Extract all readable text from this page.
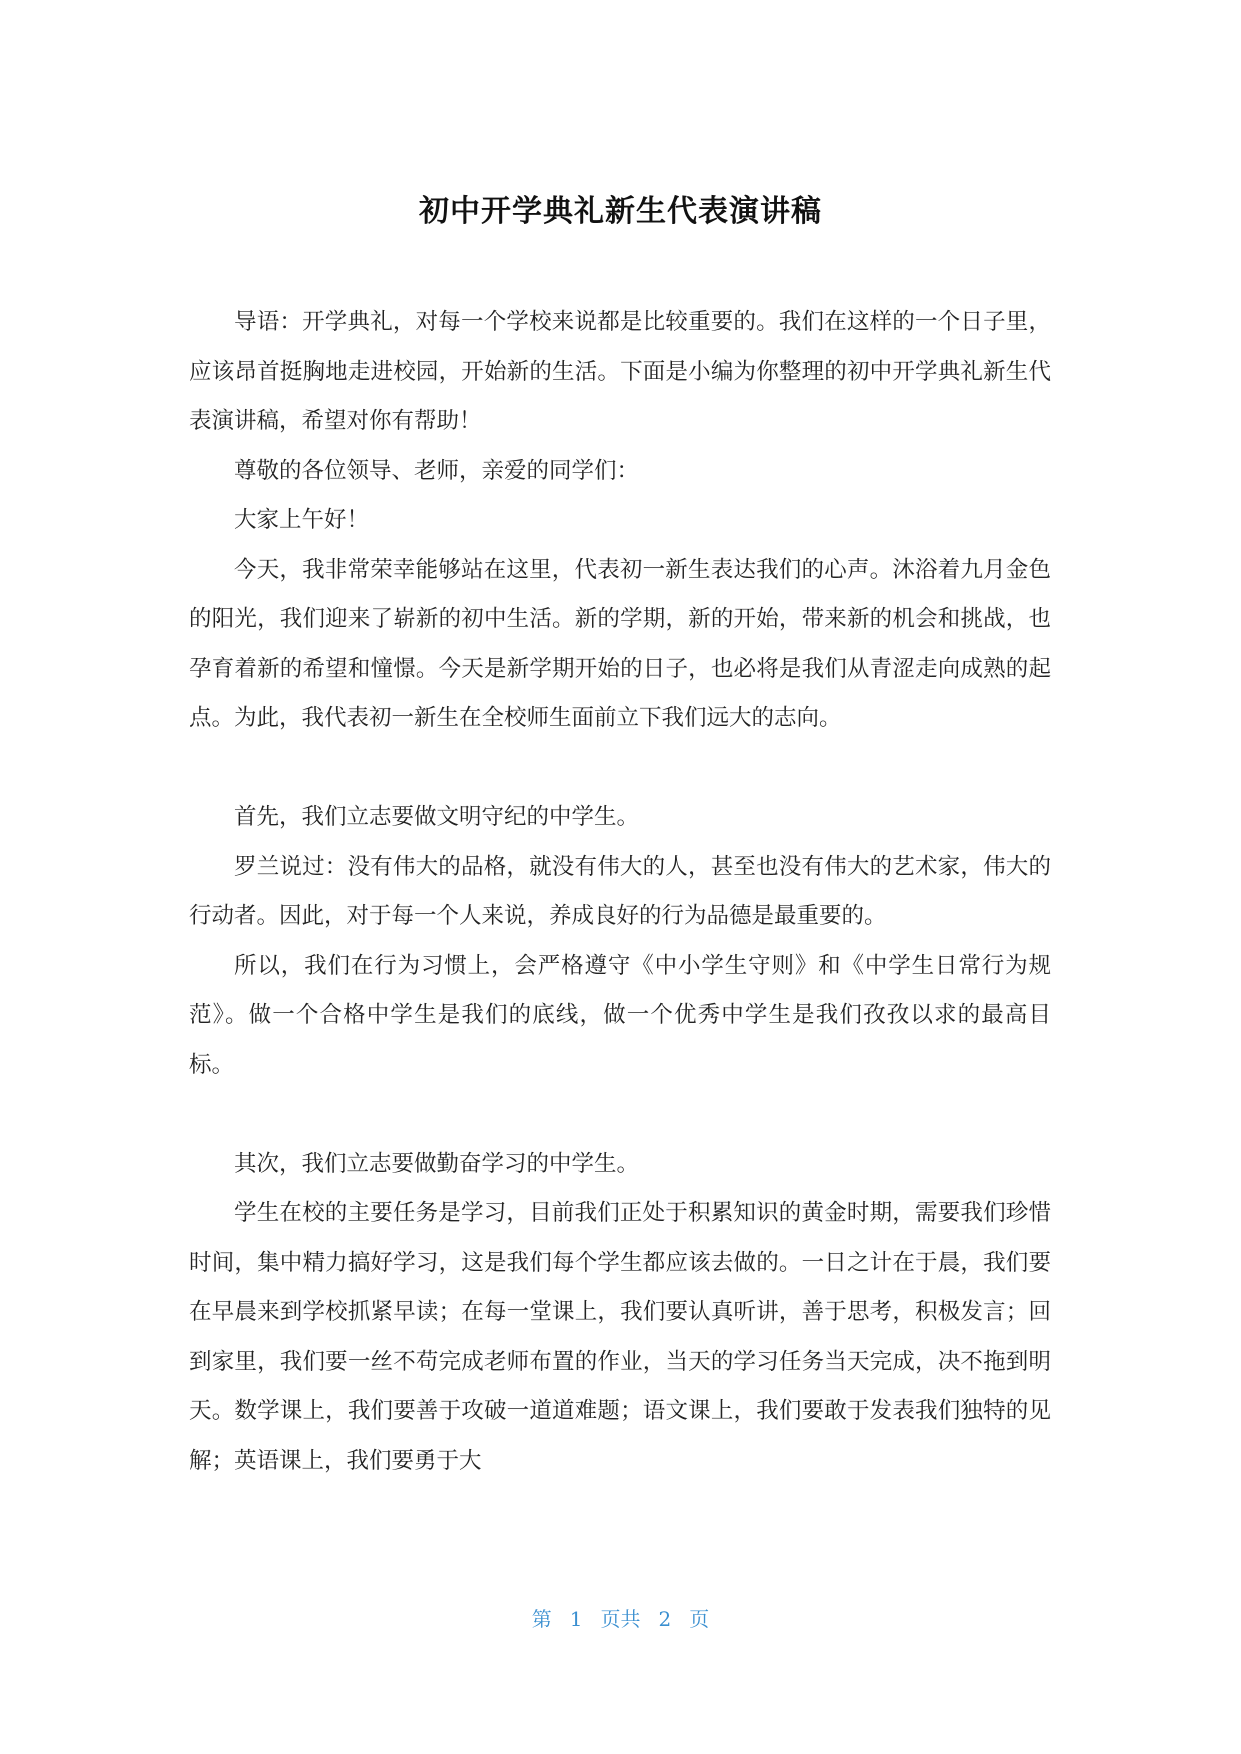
初中开学典礼新生代表演讲稿

导语：开学典礼，对每一个学校来说都是比较重要的。我们在这样的一个日子里，应该昂首挺胸地走进校园，开始新的生活。下面是小编为你整理的初中开学典礼新生代表演讲稿，希望对你有帮助！

尊敬的各位领导、老师，亲爱的同学们：

大家上午好！

今天，我非常荣幸能够站在这里，代表初一新生表达我们的心声。沐浴着九月金色的阳光，我们迎来了崭新的初中生活。新的学期，新的开始，带来新的机会和挑战，也孕育着新的希望和憧憬。今天是新学期开始的日子，也必将是我们从青涩走向成熟的起点。为此，我代表初一新生在全校师生面前立下我们远大的志向。

首先，我们立志要做文明守纪的中学生。

罗兰说过：没有伟大的品格，就没有伟大的人，甚至也没有伟大的艺术家，伟大的行动者。因此，对于每一个人来说，养成良好的行为品德是最重要的。

所以，我们在行为习惯上，会严格遵守《中小学生守则》和《中学生日常行为规范》。做一个合格中学生是我们的底线，做一个优秀中学生是我们孜孜以求的最高目标。

其次，我们立志要做勤奋学习的中学生。

学生在校的主要任务是学习，目前我们正处于积累知识的黄金时期，需要我们珍惜时间，集中精力搞好学习，这是我们每个学生都应该去做的。一日之计在于晨，我们要在早晨来到学校抓紧早读；在每一堂课上，我们要认真听讲，善于思考，积极发言；回到家里，我们要一丝不苟完成老师布置的作业，当天的学习任务当天完成，决不拖到明天。数学课上，我们要善于攻破一道道难题；语文课上，我们要敢于发表我们独特的见解；英语课上，我们要勇于大

第 1 页共 2 页
